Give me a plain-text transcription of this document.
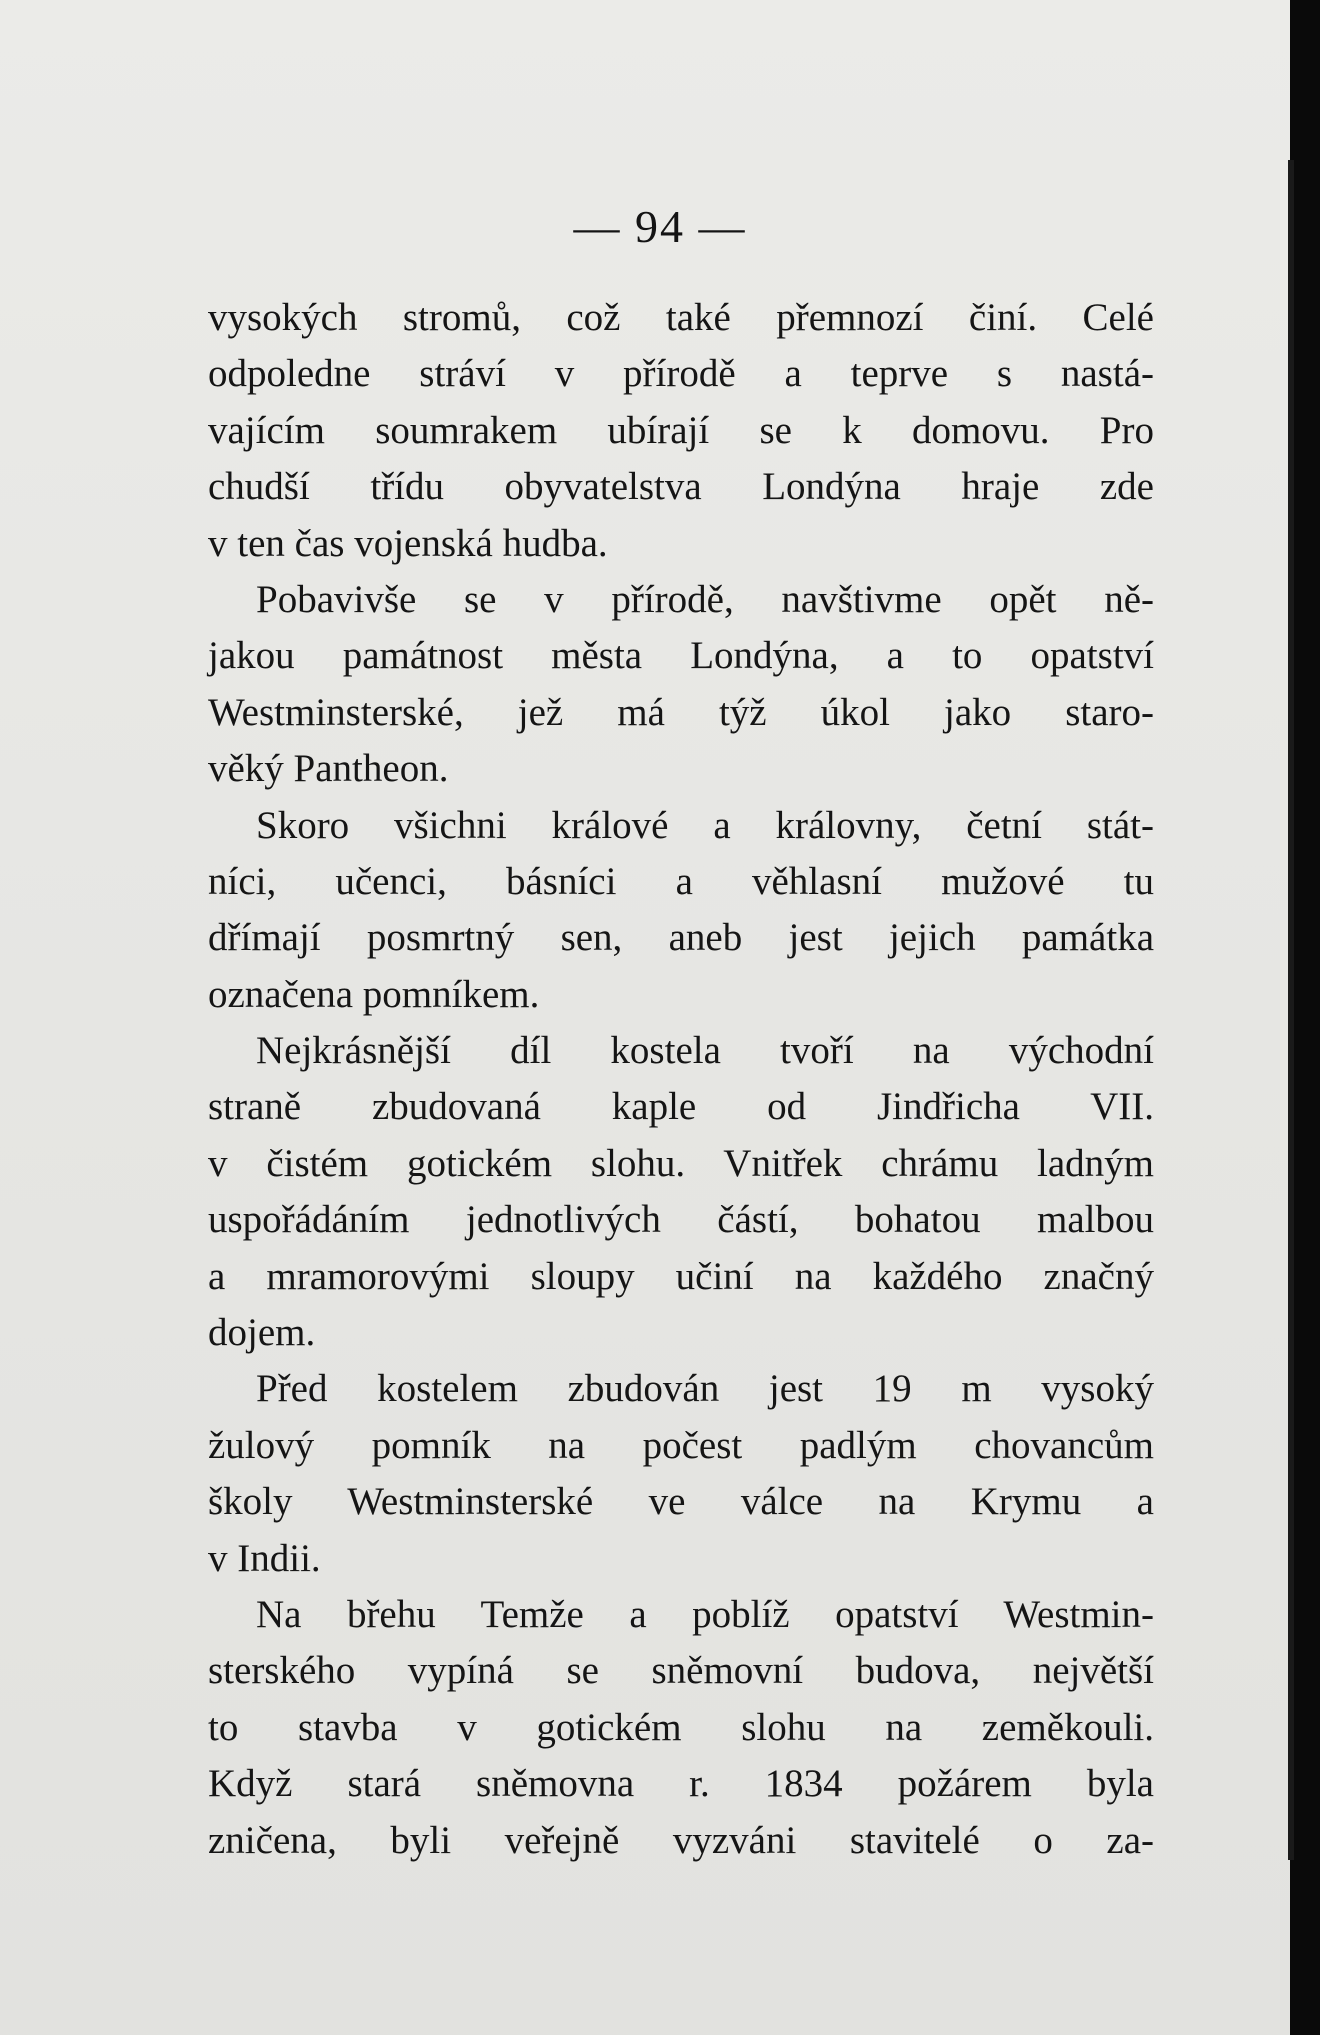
— 94 —
vysokých stromů, což také přemnozí činí. Celé
odpoledne stráví v přírodě a teprve s nastá-
vajícím soumrakem ubírají se k domovu. Pro
chudší třídu obyvatelstva Londýna hraje zde
v ten čas vojenská hudba.
Pobavivše se v přírodě, navštivme opět ně-
jakou památnost města Londýna, a to opatství
Westminsterské, jež má týž úkol jako staro-
věký Pantheon.
Skoro všichni králové a královny, četní stát-
níci, učenci, básníci a věhlasní mužové tu
dřímají posmrtný sen, aneb jest jejich památka
označena pomníkem.
Nejkrásnější díl kostela tvoří na východní
straně zbudovaná kaple od Jindřicha VII.
v čistém gotickém slohu. Vnitřek chrámu ladným
uspořádáním jednotlivých částí, bohatou malbou
a mramorovými sloupy učiní na každého značný
dojem.
Před kostelem zbudován jest 19 m vysoký
žulový pomník na počest padlým chovancům
školy Westminsterské ve válce na Krymu a
v Indii.
Na břehu Temže a poblíž opatství Westmin-
sterského vypíná se sněmovní budova, největší
to stavba v gotickém slohu na zeměkouli.
Když stará sněmovna r. 1834 požárem byla
zničena, byli veřejně vyzváni stavitelé o za-
